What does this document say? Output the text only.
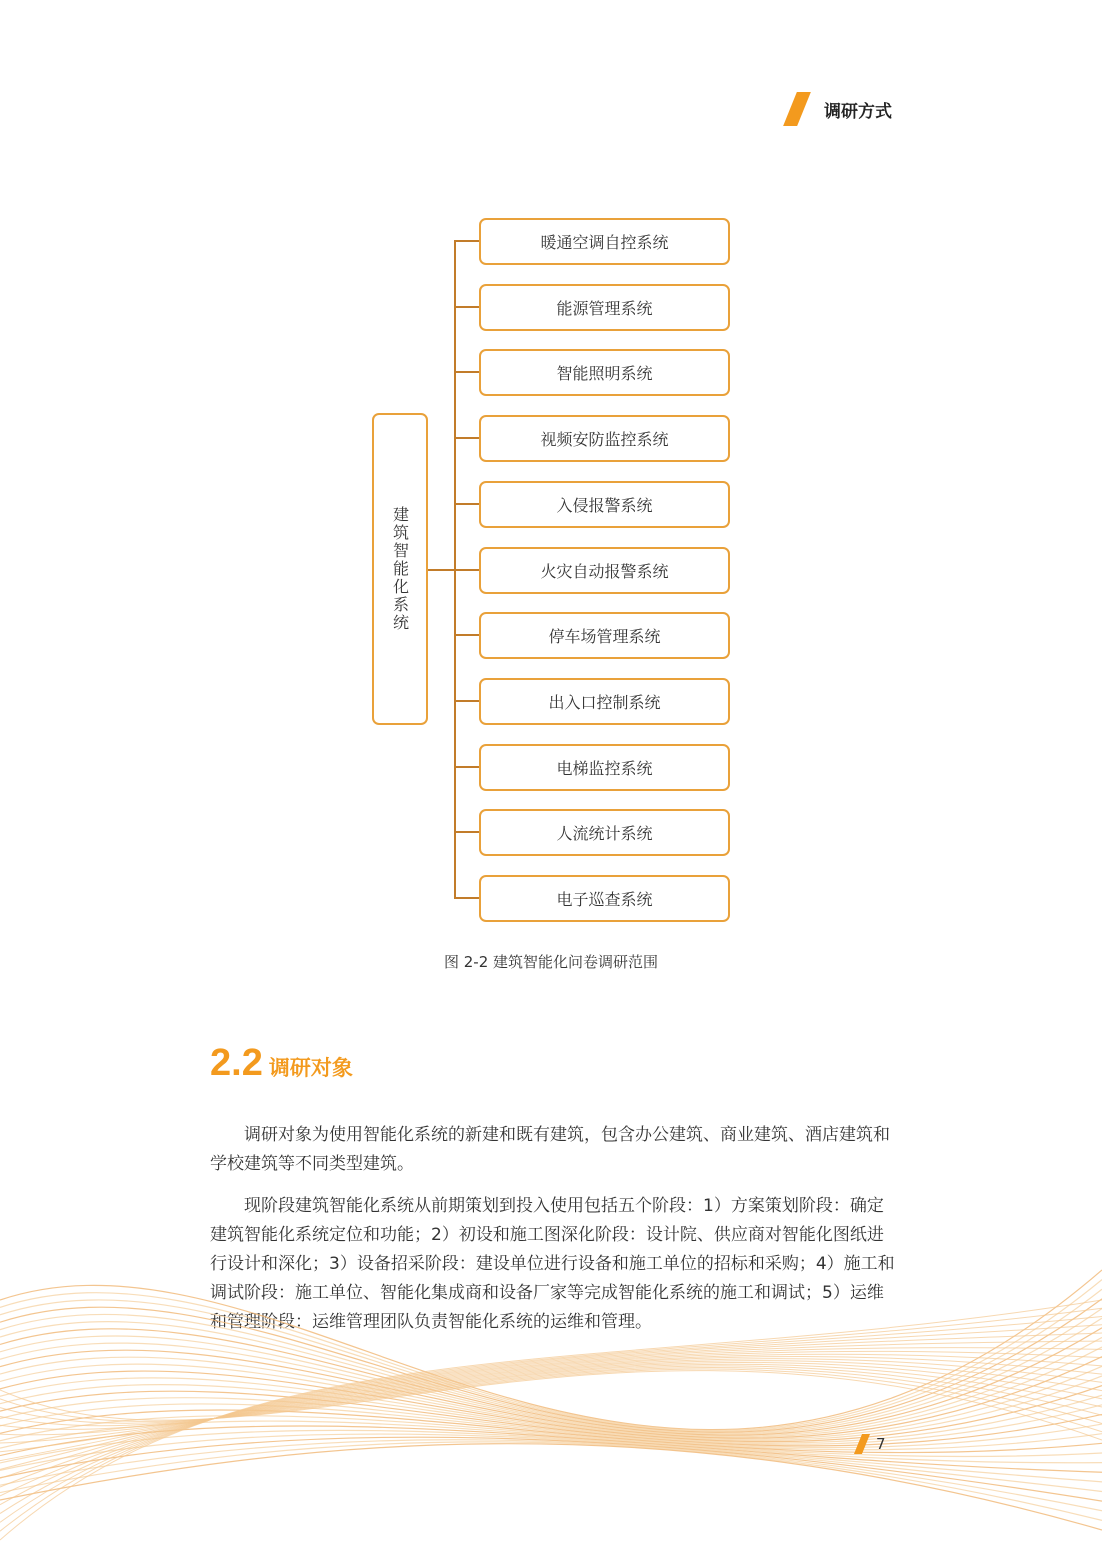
调研方式
建筑智能化系统
暖通空调自控系统
能源管理系统
智能照明系统
视频安防监控系统
入侵报警系统
火灾自动报警系统
停车场管理系统
出入口控制系统
电梯监控系统
人流统计系统
电子巡查系统
图 2-2 建筑智能化问卷调研范围
2.2 调研对象

调研对象为使用智能化系统的新建和既有建筑，包含办公建筑、商业建筑、酒店建筑和学校建筑等不同类型建筑。

现阶段建筑智能化系统从前期策划到投入使用包括五个阶段：1）方案策划阶段：确定建筑智能化系统定位和功能；2）初设和施工图深化阶段：设计院、供应商对智能化图纸进行设计和深化；3）设备招采阶段：建设单位进行设备和施工单位的招标和采购；4）施工和调试阶段：施工单位、智能化集成商和设备厂家等完成智能化系统的施工和调试；5）运维和管理阶段：运维管理团队负责智能化系统的运维和管理。

7
